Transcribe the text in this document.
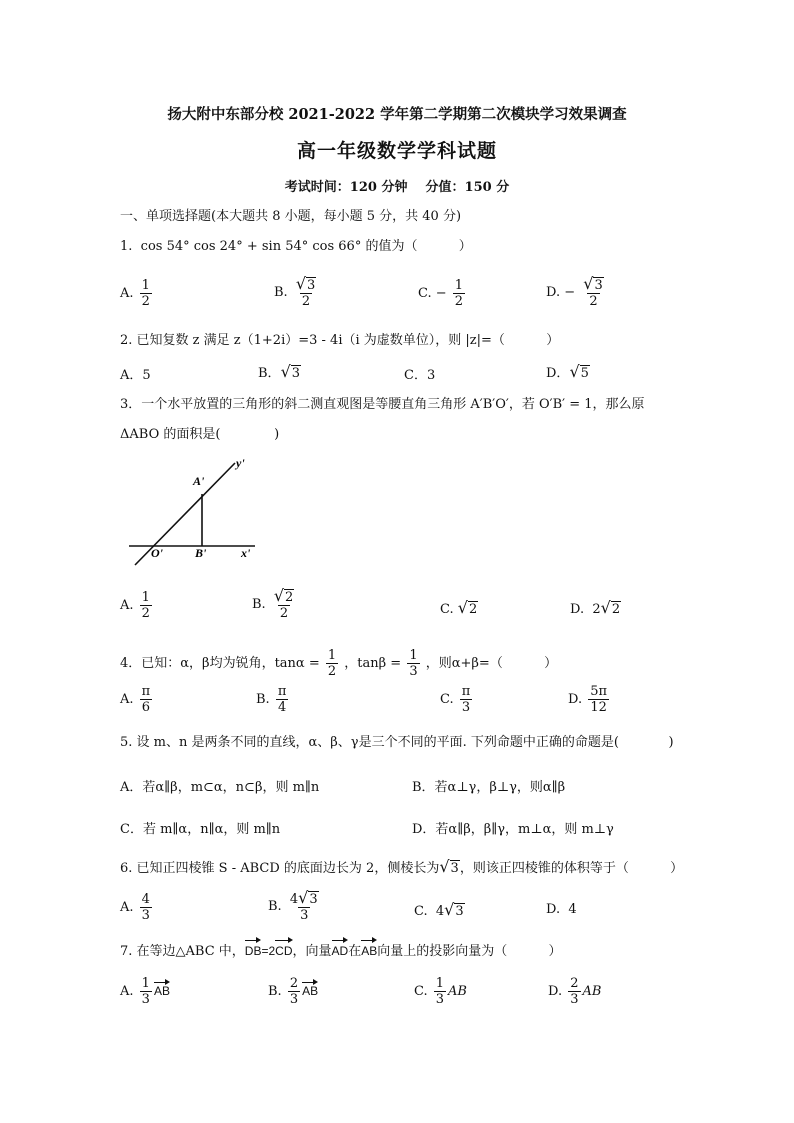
扬大附中东部分校 2021-2022 学年第二学期第二次模块学习效果调查
高一年级数学学科试题
考试时间：120 分钟    分值：150 分
一、单项选择题(本大题共 8 小题，每小题 5 分，共 40 分)
1.  cos 54° cos 24° + sin 54° cos 66° 的值为（          ）
A. $\frac{1}{2}$	B. $\frac{√3}{2}$	C. − $\frac{1}{2}$	D. − $\frac{√3}{2}$
2. 已知复数 z 满足 z（1+2i）=3 - 4i（i 为虚数单位），则 |z|=（          ）
A．5	B．√3	C．3	D．√5
3．一个水平放置的三角形的斜二测直观图是等腰直角三角形 A′B′O′，若 O′B′ = 1，那么原
ΔABO 的面积是(             )
y'
A'
O'	B'	x'
A. $\frac{1}{2}$	B. $\frac{√2}{2}$	C. √2	D.  2√2
4．已知：α，β均为锐角，$\tan\alpha = \frac{1}{2}$ ，$\tan\beta = \frac{1}{3}$ ，则α+β=（          ）
A. $\frac{\pi}{6}$	B. $\frac{\pi}{4}$	C. $\frac{\pi}{3}$	D. $\frac{5\pi}{12}$
5. 设 m、n 是两条不同的直线，α、β、γ是三个不同的平面. 下列命题中正确的命题是(            )
A．若α∥β，m⊂α，n⊂β，则 m∥n	B．若α⊥γ，β⊥γ，则α∥β
C．若 m∥α，n∥α，则 m∥n	D．若α∥β，β∥γ，m⊥α，则 m⊥γ
6. 已知正四棱锥 S - ABCD 的底面边长为 2，侧棱长为√3，则该正四棱锥的体积等于（          ）
A. $\frac{4}{3}$	B. $\frac{4√3}{3}$	C.  4√3	D.  4
7. 在等边△ABC 中，DB=2CD，向量AD在AB向量上的投影向量为（          ）
A. $\frac{1}{3}$ AB	B. $\frac{2}{3}$ AB	C. $\frac{1}{3}$ AB	D. $\frac{2}{3}$ AB
